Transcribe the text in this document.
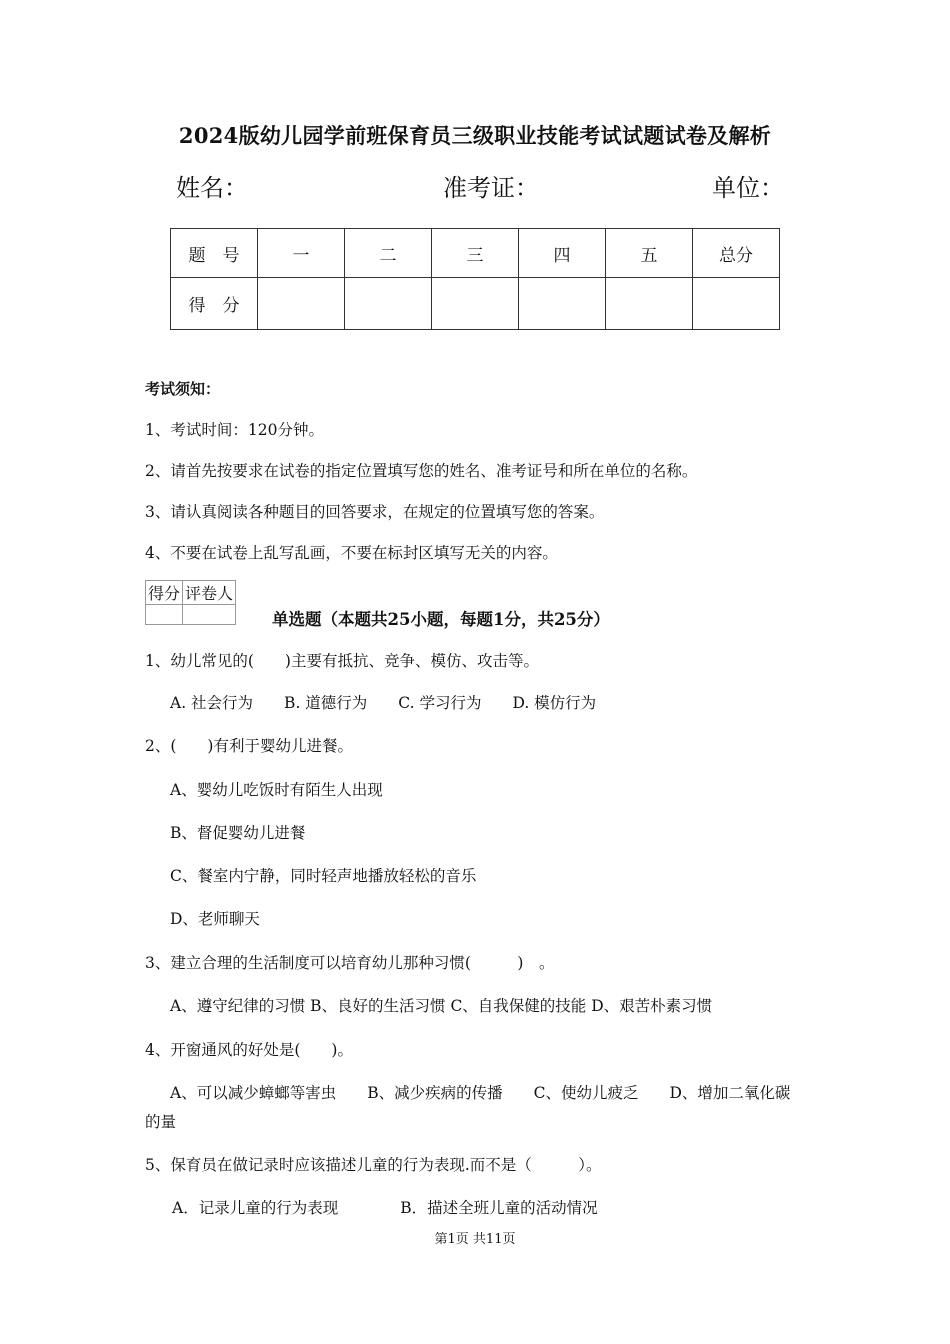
2024版幼儿园学前班保育员三级职业技能考试试题试卷及解析
姓名：	准考证：	单位：
题　号	一	二	三	四	五	总分
得　分						
考试须知：
1、考试时间：120分钟。
2、请首先按要求在试卷的指定位置填写您的姓名、准考证号和所在单位的名称。
3、请认真阅读各种题目的回答要求，在规定的位置填写您的答案。
4、不要在试卷上乱写乱画，不要在标封区填写无关的内容。
得分	评卷人

单选题（本题共25小题，每题1分，共25分）
1、幼儿常见的(　　)主要有抵抗、竞争、模仿、攻击等。
A. 社会行为　　B. 道德行为　　C. 学习行为　　D. 模仿行为
2、(　　)有利于婴幼儿进餐。
A、婴幼儿吃饭时有陌生人出现
B、督促婴幼儿进餐
C、餐室内宁静，同时轻声地播放轻松的音乐
D、老师聊天
3、建立合理的生活制度可以培育幼儿那种习惯(　　　)　。
A、遵守纪律的习惯 B、良好的生活习惯 C、自我保健的技能 D、艰苦朴素习惯
4、开窗通风的好处是(　　)。
A、可以减少蟑螂等害虫　　B、减少疾病的传播　　C、使幼儿疲乏　　D、增加二氧化碳
的量
5、保育员在做记录时应该描述儿童的行为表现.而不是（　　　）。
A．记录儿童的行为表现　　　　B．描述全班儿童的活动情况
第1页 共11页
